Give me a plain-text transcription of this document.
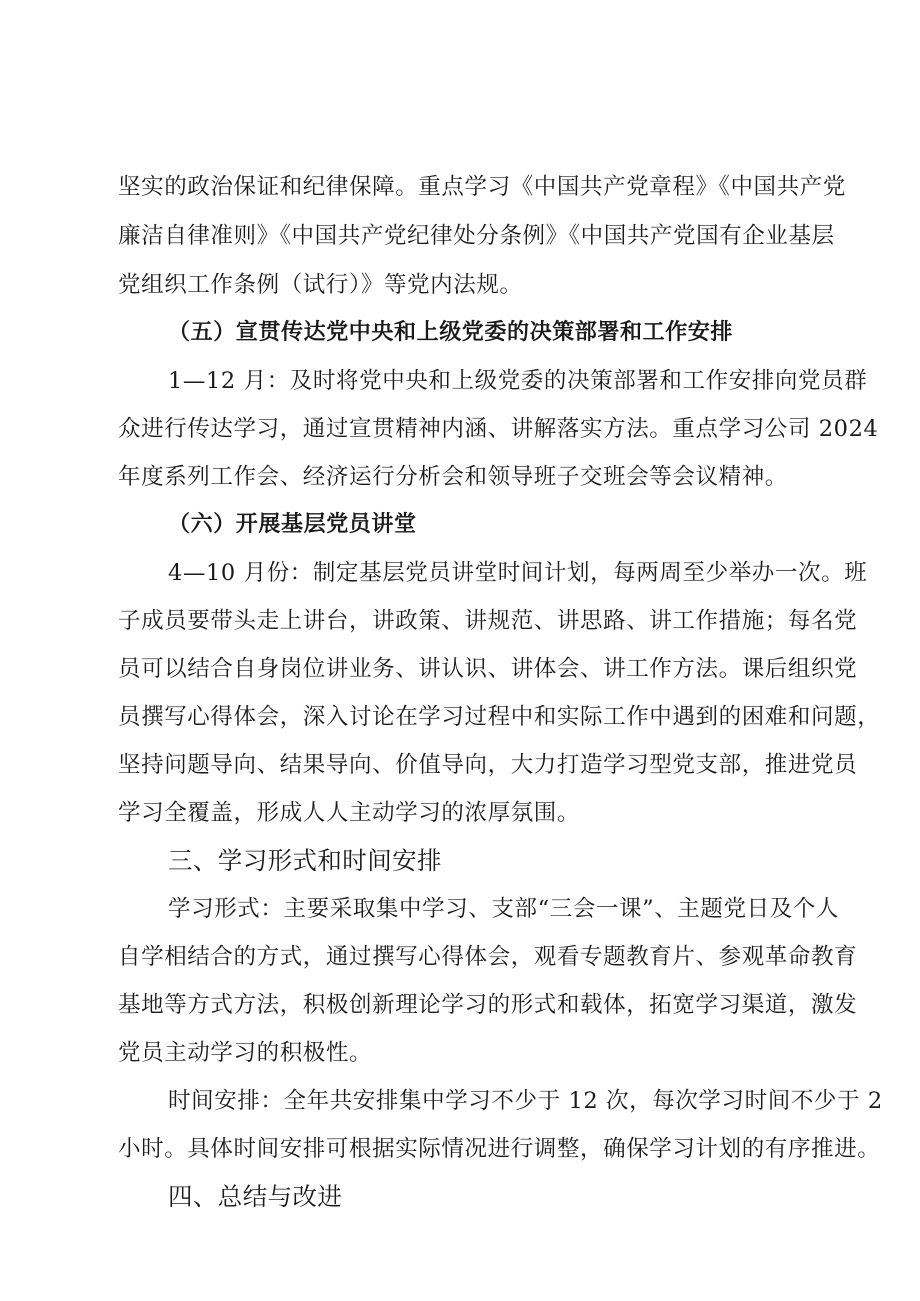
坚实的政治保证和纪律保障。重点学习《中国共产党章程》《中国共产党
廉洁自律准则》《中国共产党纪律处分条例》《中国共产党国有企业基层
党组织工作条例（试行）》等党内法规。
（五）宣贯传达党中央和上级党委的决策部署和工作安排
1—12 月：及时将党中央和上级党委的决策部署和工作安排向党员群
众进行传达学习，通过宣贯精神内涵、讲解落实方法。重点学习公司 2024
年度系列工作会、经济运行分析会和领导班子交班会等会议精神。
（六）开展基层党员讲堂
4—10 月份：制定基层党员讲堂时间计划，每两周至少举办一次。班
子成员要带头走上讲台，讲政策、讲规范、讲思路、讲工作措施；每名党
员可以结合自身岗位讲业务、讲认识、讲体会、讲工作方法。课后组织党
员撰写心得体会，深入讨论在学习过程中和实际工作中遇到的困难和问题，
坚持问题导向、结果导向、价值导向，大力打造学习型党支部，推进党员
学习全覆盖，形成人人主动学习的浓厚氛围。
三、学习形式和时间安排
学习形式：主要采取集中学习、支部“三会一课”、主题党日及个人
自学相结合的方式，通过撰写心得体会，观看专题教育片、参观革命教育
基地等方式方法，积极创新理论学习的形式和载体，拓宽学习渠道，激发
党员主动学习的积极性。
时间安排：全年共安排集中学习不少于 12 次，每次学习时间不少于 2
小时。具体时间安排可根据实际情况进行调整，确保学习计划的有序推进。
四、总结与改进
